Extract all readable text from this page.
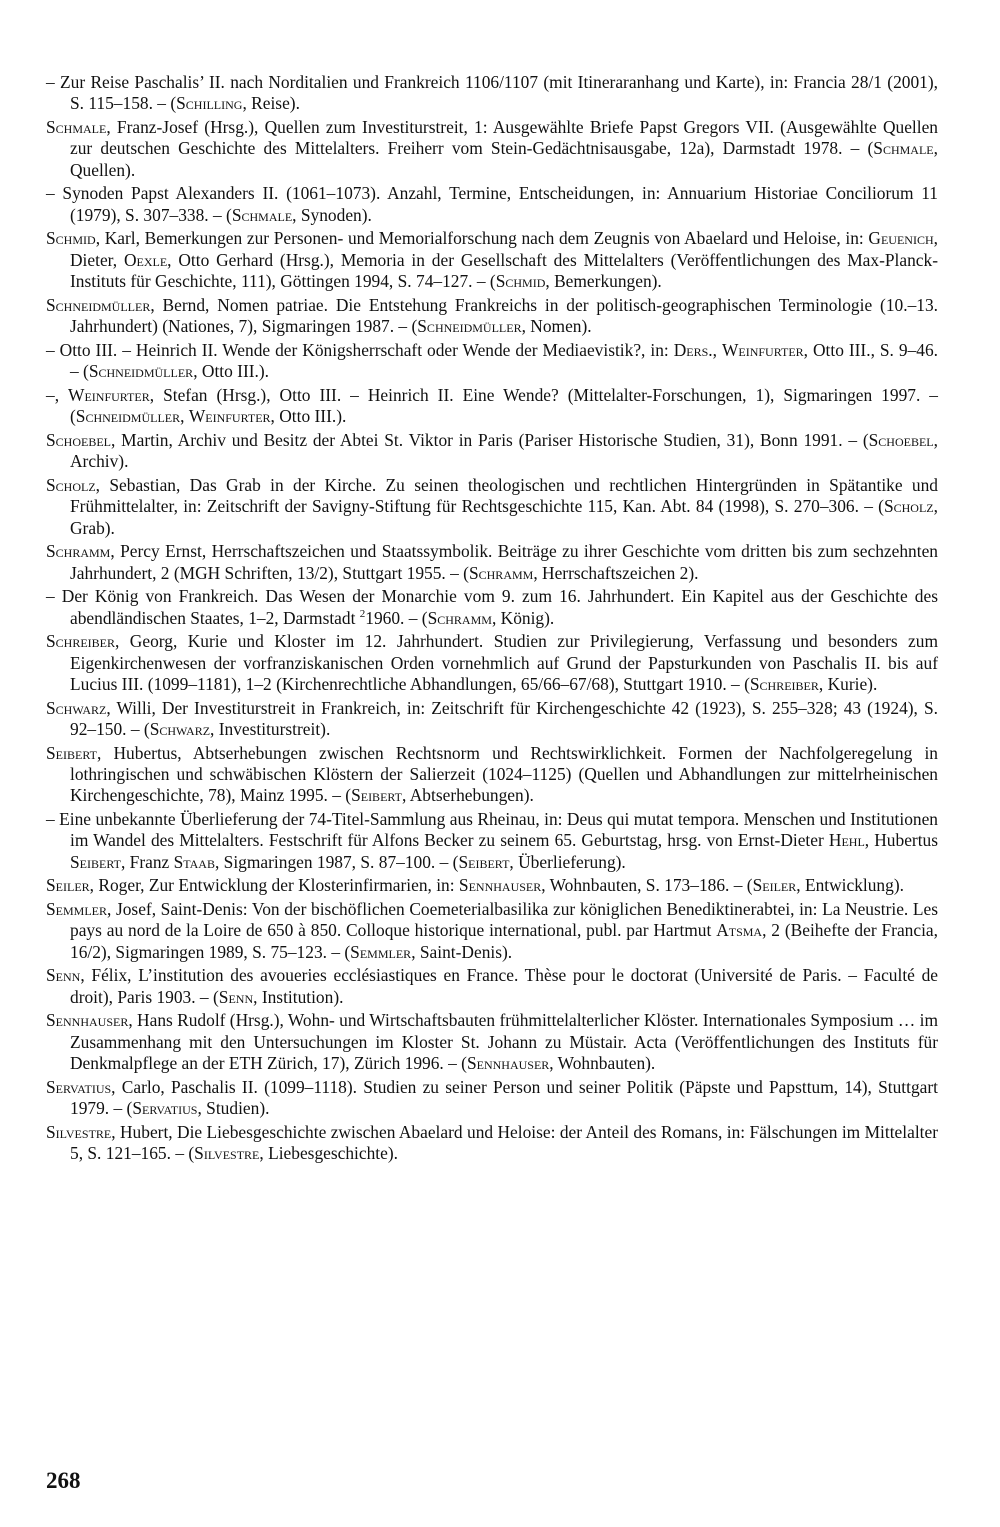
– Zur Reise Paschalis’ II. nach Norditalien und Frankreich 1106/1107 (mit Itineraranhang und Karte), in: Francia 28/1 (2001), S. 115–158. – (Schilling, Reise).

Schmale, Franz-Josef (Hrsg.), Quellen zum Investiturstreit, 1: Ausgewählte Briefe Papst Gregors VII. (Ausgewählte Quellen zur deutschen Geschichte des Mittelalters. Freiherr vom Stein-Gedächtnisausgabe, 12a), Darmstadt 1978. – (Schmale, Quellen).

– Synoden Papst Alexanders II. (1061–1073). Anzahl, Termine, Entscheidungen, in: Annuarium Historiae Conciliorum 11 (1979), S. 307–338. – (Schmale, Synoden).

Schmid, Karl, Bemerkungen zur Personen- und Memorialforschung nach dem Zeugnis von Abaelard und Heloise, in: Geuenich, Dieter, Oexle, Otto Gerhard (Hrsg.), Memoria in der Gesellschaft des Mittelalters (Veröffentlichungen des Max-Planck-Instituts für Geschichte, 111), Göttingen 1994, S. 74–127. – (Schmid, Bemerkungen).

Schneidmüller, Bernd, Nomen patriae. Die Entstehung Frankreichs in der politisch-geographischen Terminologie (10.–13. Jahrhundert) (Nationes, 7), Sigmaringen 1987. – (Schneidmüller, Nomen).

– Otto III. – Heinrich II. Wende der Königsherrschaft oder Wende der Mediaevistik?, in: Ders., Weinfurter, Otto III., S. 9–46. – (Schneidmüller, Otto III.).

–, Weinfurter, Stefan (Hrsg.), Otto III. – Heinrich II. Eine Wende? (Mittelalter-Forschungen, 1), Sigmaringen 1997. – (Schneidmüller, Weinfurter, Otto III.).

Schoebel, Martin, Archiv und Besitz der Abtei St. Viktor in Paris (Pariser Historische Studien, 31), Bonn 1991. – (Schoebel, Archiv).

Scholz, Sebastian, Das Grab in der Kirche. Zu seinen theologischen und rechtlichen Hintergründen in Spätantike und Frühmittelalter, in: Zeitschrift der Savigny-Stiftung für Rechtsgeschichte 115, Kan. Abt. 84 (1998), S. 270–306. – (Scholz, Grab).

Schramm, Percy Ernst, Herrschaftszeichen und Staatssymbolik. Beiträge zu ihrer Geschichte vom dritten bis zum sechzehnten Jahrhundert, 2 (MGH Schriften, 13/2), Stuttgart 1955. – (Schramm, Herrschaftszeichen 2).

– Der König von Frankreich. Das Wesen der Monarchie vom 9. zum 16. Jahrhundert. Ein Kapitel aus der Geschichte des abendländischen Staates, 1–2, Darmstadt $^2$1960. – (Schramm, König).

Schreiber, Georg, Kurie und Kloster im 12. Jahrhundert. Studien zur Privilegierung, Verfassung und besonders zum Eigenkirchenwesen der vorfranziskanischen Orden vornehmlich auf Grund der Papsturkunden von Paschalis II. bis auf Lucius III. (1099–1181), 1–2 (Kirchenrechtliche Abhandlungen, 65/66–67/68), Stuttgart 1910. – (Schreiber, Kurie).

Schwarz, Willi, Der Investiturstreit in Frankreich, in: Zeitschrift für Kirchengeschichte 42 (1923), S. 255–328; 43 (1924), S. 92–150. – (Schwarz, Investiturstreit).

Seibert, Hubertus, Abtserhebungen zwischen Rechtsnorm und Rechtswirklichkeit. Formen der Nachfolgeregelung in lothringischen und schwäbischen Klöstern der Salierzeit (1024–1125) (Quellen und Abhandlungen zur mittelrheinischen Kirchengeschichte, 78), Mainz 1995. – (Seibert, Abtserhebungen).

– Eine unbekannte Überlieferung der 74-Titel-Sammlung aus Rheinau, in: Deus qui mutat tempora. Menschen und Institutionen im Wandel des Mittelalters. Festschrift für Alfons Becker zu seinem 65. Geburtstag, hrsg. von Ernst-Dieter Hehl, Hubertus Seibert, Franz Staab, Sigmaringen 1987, S. 87–100. – (Seibert, Überlieferung).

Seiler, Roger, Zur Entwicklung der Klosterinfirmarien, in: Sennhauser, Wohnbauten, S. 173–186. – (Seiler, Entwicklung).

Semmler, Josef, Saint-Denis: Von der bischöflichen Coemeterialbasilika zur königlichen Benediktinerabtei, in: La Neustrie. Les pays au nord de la Loire de 650 à 850. Colloque historique international, publ. par Hartmut Atsma, 2 (Beihefte der Francia, 16/2), Sigmaringen 1989, S. 75–123. – (Semmler, Saint-Denis).

Senn, Félix, L’institution des avoueries ecclésiastiques en France. Thèse pour le doctorat (Université de Paris. – Faculté de droit), Paris 1903. – (Senn, Institution).

Sennhauser, Hans Rudolf (Hrsg.), Wohn- und Wirtschaftsbauten frühmittelalterlicher Klöster. Internationales Symposium … im Zusammenhang mit den Untersuchungen im Kloster St. Johann zu Müstair. Acta (Veröffentlichungen des Instituts für Denkmalpflege an der ETH Zürich, 17), Zürich 1996. – (Sennhauser, Wohnbauten).

Servatius, Carlo, Paschalis II. (1099–1118). Studien zu seiner Person und seiner Politik (Päpste und Papsttum, 14), Stuttgart 1979. – (Servatius, Studien).

Silvestre, Hubert, Die Liebesgeschichte zwischen Abaelard und Heloise: der Anteil des Romans, in: Fälschungen im Mittelalter 5, S. 121–165. – (Silvestre, Liebesgeschichte).

268
